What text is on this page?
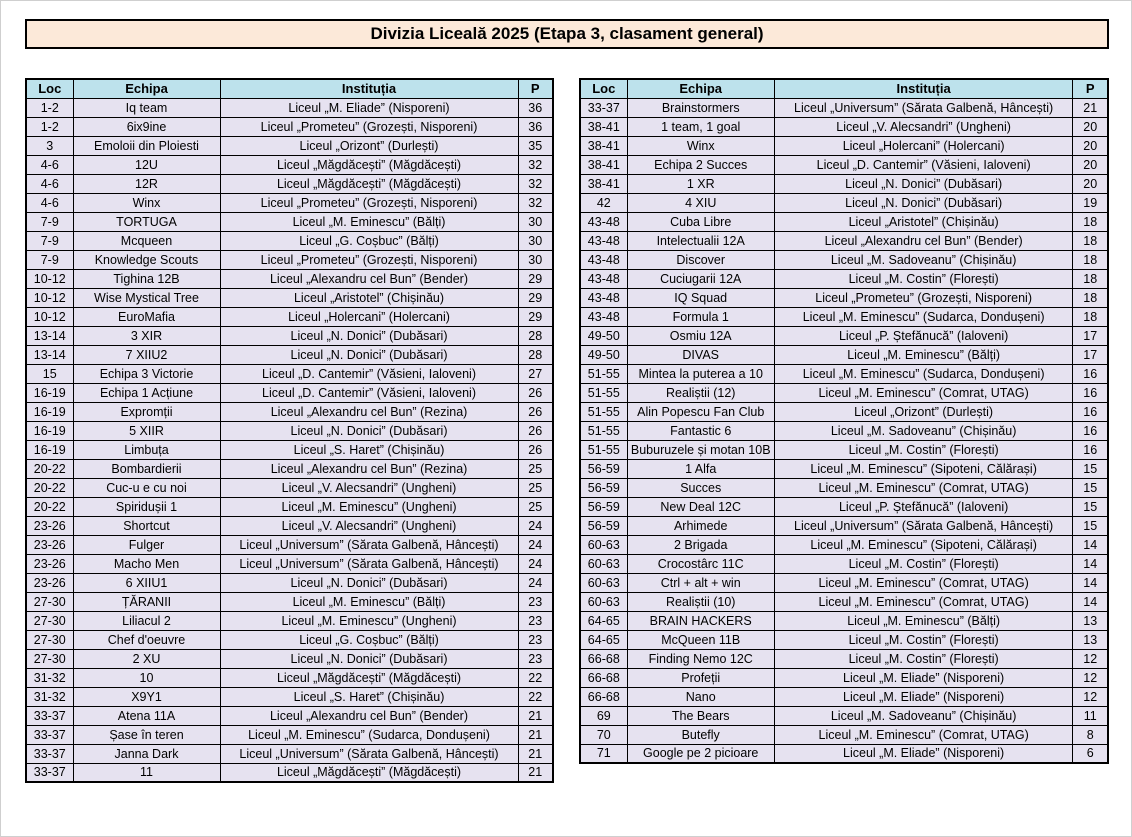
Divizia Liceală 2025 (Etapa 3, clasament general)
Loc	Echipa	Instituția	P
1-2	Iq team	Liceul „M. Eliade” (Nisporeni)	36
1-2	6ix9ine	Liceul „Prometeu” (Grozești, Nisporeni)	36
3	Emoloii din Ploiesti	Liceul „Orizont” (Durlești)	35
4-6	12U	Liceul „Măgdăcești” (Măgdăcești)	32
4-6	12R	Liceul „Măgdăcești” (Măgdăcești)	32
4-6	Winx	Liceul „Prometeu” (Grozești, Nisporeni)	32
7-9	TORTUGA	Liceul „M. Eminescu” (Bălți)	30
7-9	Mcqueen	Liceul „G. Coșbuc” (Bălți)	30
7-9	Knowledge Scouts	Liceul „Prometeu” (Grozești, Nisporeni)	30
10-12	Tighina 12B	Liceul „Alexandru cel Bun” (Bender)	29
10-12	Wise Mystical Tree	Liceul „Aristotel” (Chișinău)	29
10-12	EuroMafia	Liceul „Holercani” (Holercani)	29
13-14	3 XIR	Liceul „N. Donici” (Dubăsari)	28
13-14	7 XIIU2	Liceul „N. Donici” (Dubăsari)	28
15	Echipa 3 Victorie	Liceul „D. Cantemir” (Văsieni, Ialoveni)	27
16-19	Echipa 1 Acțiune	Liceul „D. Cantemir” (Văsieni, Ialoveni)	26
16-19	Expromții	Liceul „Alexandru cel Bun” (Rezina)	26
16-19	5 XIIR	Liceul „N. Donici” (Dubăsari)	26
16-19	Limbuța	Liceul „S. Haret” (Chișinău)	26
20-22	Bombardierii	Liceul „Alexandru cel Bun” (Rezina)	25
20-22	Cuc-u e cu noi	Liceul „V. Alecsandri” (Ungheni)	25
20-22	Spiridușii 1	Liceul „M. Eminescu” (Ungheni)	25
23-26	Shortcut	Liceul „V. Alecsandri” (Ungheni)	24
23-26	Fulger	Liceul „Universum” (Sărata Galbenă, Hâncești)	24
23-26	Macho Men	Liceul „Universum” (Sărata Galbenă, Hâncești)	24
23-26	6 XIIU1	Liceul „N. Donici” (Dubăsari)	24
27-30	ȚĂRANII	Liceul „M. Eminescu” (Bălți)	23
27-30	Liliacul 2	Liceul „M. Eminescu” (Ungheni)	23
27-30	Chef d'oeuvre	Liceul „G. Coșbuc” (Bălți)	23
27-30	2 XU	Liceul „N. Donici” (Dubăsari)	23
31-32	10	Liceul „Măgdăcești” (Măgdăcești)	22
31-32	X9Y1	Liceul „S. Haret” (Chișinău)	22
33-37	Atena 11A	Liceul „Alexandru cel Bun” (Bender)	21
33-37	Șase în teren	Liceul „M. Eminescu” (Sudarca, Dondușeni)	21
33-37	Janna Dark	Liceul „Universum” (Sărata Galbenă, Hâncești)	21
33-37	11	Liceul „Măgdăcești” (Măgdăcești)	21
Loc	Echipa	Instituția	P
33-37	Brainstormers	Liceul „Universum” (Sărata Galbenă, Hâncești)	21
38-41	1 team, 1 goal	Liceul „V. Alecsandri” (Ungheni)	20
38-41	Winx	Liceul „Holercani” (Holercani)	20
38-41	Echipa 2 Succes	Liceul „D. Cantemir” (Văsieni, Ialoveni)	20
38-41	1 XR	Liceul „N. Donici” (Dubăsari)	20
42	4 XIU	Liceul „N. Donici” (Dubăsari)	19
43-48	Cuba Libre	Liceul „Aristotel” (Chișinău)	18
43-48	Intelectualii 12A	Liceul „Alexandru cel Bun” (Bender)	18
43-48	Discover	Liceul „M. Sadoveanu” (Chișinău)	18
43-48	Cuciugarii 12A	Liceul „M. Costin” (Florești)	18
43-48	IQ Squad	Liceul „Prometeu” (Grozești, Nisporeni)	18
43-48	Formula 1	Liceul „M. Eminescu” (Sudarca, Dondușeni)	18
49-50	Osmiu 12A	Liceul „P. Ștefănucă” (Ialoveni)	17
49-50	DIVAS	Liceul „M. Eminescu” (Bălți)	17
51-55	Mintea la puterea a 10	Liceul „M. Eminescu” (Sudarca, Dondușeni)	16
51-55	Realiștii (12)	Liceul „M. Eminescu” (Comrat, UTAG)	16
51-55	Alin Popescu Fan Club	Liceul „Orizont” (Durlești)	16
51-55	Fantastic 6	Liceul „M. Sadoveanu” (Chișinău)	16
51-55	Buburuzele și motan 10B	Liceul „M. Costin” (Florești)	16
56-59	1 Alfa	Liceul „M. Eminescu” (Sipoteni, Călărași)	15
56-59	Succes	Liceul „M. Eminescu” (Comrat, UTAG)	15
56-59	New Deal 12C	Liceul „P. Ștefănucă” (Ialoveni)	15
56-59	Arhimede	Liceul „Universum” (Sărata Galbenă, Hâncești)	15
60-63	2 Brigada	Liceul „M. Eminescu” (Sipoteni, Călărași)	14
60-63	Crocostârc 11C	Liceul „M. Costin” (Florești)	14
60-63	Ctrl + alt + win	Liceul „M. Eminescu” (Comrat, UTAG)	14
60-63	Realiștii (10)	Liceul „M. Eminescu” (Comrat, UTAG)	14
64-65	BRAIN HACKERS	Liceul „M. Eminescu” (Bălți)	13
64-65	McQueen 11B	Liceul „M. Costin” (Florești)	13
66-68	Finding Nemo 12C	Liceul „M. Costin” (Florești)	12
66-68	Profeții	Liceul „M. Eliade” (Nisporeni)	12
66-68	Nano	Liceul „M. Eliade” (Nisporeni)	12
69	The Bears	Liceul „M. Sadoveanu” (Chișinău)	11
70	Butefly	Liceul „M. Eminescu” (Comrat, UTAG)	8
71	Google pe 2 picioare	Liceul „M. Eliade” (Nisporeni)	6
